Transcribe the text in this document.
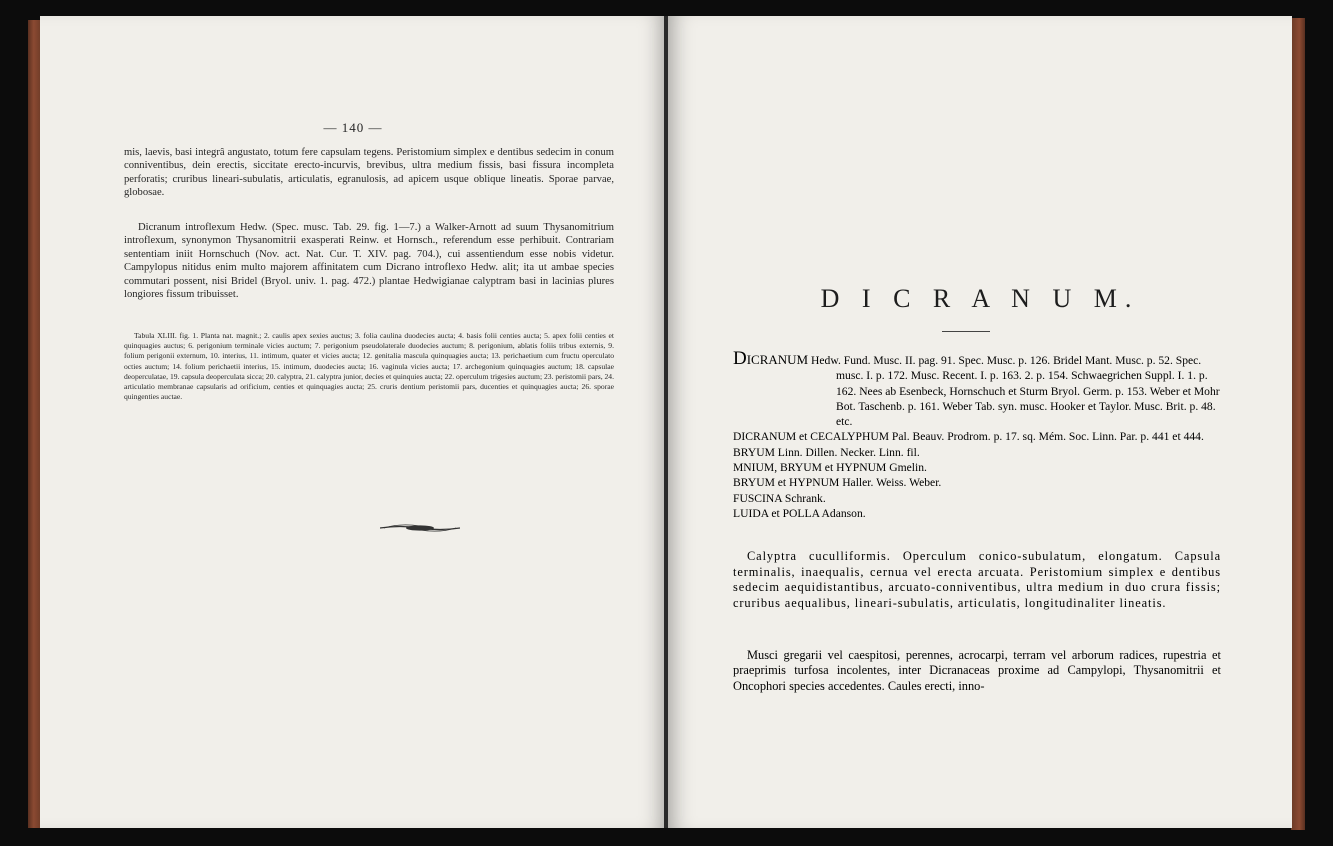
— 140 —
mis, laevis, basi integrâ angustato, totum fere capsulam tegens. Peristomium simplex e dentibus sedecim in conum conniventibus, dein erectis, siccitate erecto-incurvis, brevibus, ultra medium fissis, basi fissura incompleta perforatis; cruribus lineari-subulatis, articulatis, egranulosis, ad apicem usque oblique lineatis. Sporae parvae, globosae.
Dicranum introflexum Hedw. (Spec. musc. Tab. 29. fig. 1—7.) a Walker-Arnott ad suum Thysanomitrium introflexum, synonymon Thysanomitrii exasperati Reinw. et Hornsch., referendum esse perhibuit. Contrariam sententiam iniit Hornschuch (Nov. act. Nat. Cur. T. XIV. pag. 704.), cui assentiendum esse nobis videtur. Campylopus nitidus enim multo majorem affinitatem cum Dicrano introflexo Hedw. alit; ita ut ambae species commutari possent, nisi Bridel (Bryol. univ. 1. pag. 472.) plantae Hedwigianae calyptram basi in lacinias plures longiores fissum tribuisset.
Tabula XLIII. fig. 1. Planta nat. magnit.; 2. caulis apex sexies auctus; 3. folia caulina duodecies aucta; 4. basis folii centies aucta; 5. apex folii centies et quinquagies auctus; 6. perigonium terminale vicies auctum; 7. perigonium pseudolaterale duodecies auctum; 8. perigonium, ablatis foliis tribus externis, 9. folium perigonii externum, 10. interius, 11. intimum, quater et vicies aucta; 12. genitalia mascula quinquagies aucta; 13. perichaetium cum fructu operculato octies auctum; 14. folium perichaetii interius, 15. intimum, duodecies aucta; 16. vaginula vicies aucta; 17. archegonium quinquagies auctum; 18. capsulae deoperculatae, 19. capsula deoperculata sicca; 20. calyptra, 21. calyptra junior, decies et quinquies aucta; 22. operculum trigesies auctum; 23. peristomii pars, 24. articulatio membranae capsularis ad orificium, centies et quinquagies aucta; 25. cruris dentium peristomii pars, ducenties et quinquagies aucta; 26. sporae quingenties auctae.
D I C R A N U M.

Dicranum Hedw. Fund. Musc. II. pag. 91. Spec. Musc. p. 126. Bridel Mant. Musc. p. 52. Spec. musc. I. p. 172. Musc. Recent. I. p. 163. 2. p. 154. Schwaegrichen Suppl. I. 1. p. 162. Nees ab Esenbeck, Hornschuch et Sturm Bryol. Germ. p. 153. Weber et Mohr Bot. Taschenb. p. 161. Weber Tab. syn. musc. Hooker et Taylor. Musc. Brit. p. 48. etc.

DICRANUM et CECALYPHUM Pal. Beauv. Prodrom. p. 17. sq. Mém. Soc. Linn. Par. p. 441 et 444.

BRYUM Linn. Dillen. Necker. Linn. fil.

MNIUM, BRYUM et HYPNUM Gmelin.

BRYUM et HYPNUM Haller. Weiss. Weber.

FUSCINA Schrank.

LUIDA et POLLA Adanson.

Calyptra cuculliformis. Operculum conico-subulatum, elongatum. Capsula terminalis, inaequalis, cernua vel erecta arcuata. Peristomium simplex e dentibus sedecim aequidistantibus, arcuato-conniventibus, ultra medium in duo crura fissis; cruribus aequalibus, lineari-subulatis, articulatis, longitudinaliter lineatis.
Musci gregarii vel caespitosi, perennes, acrocarpi, terram vel arborum radices, rupestria et praeprimis turfosa incolentes, inter Dicranaceas proxime ad Campylopi, Thysanomitrii et Oncophori species accedentes. Caules erecti, inno-
